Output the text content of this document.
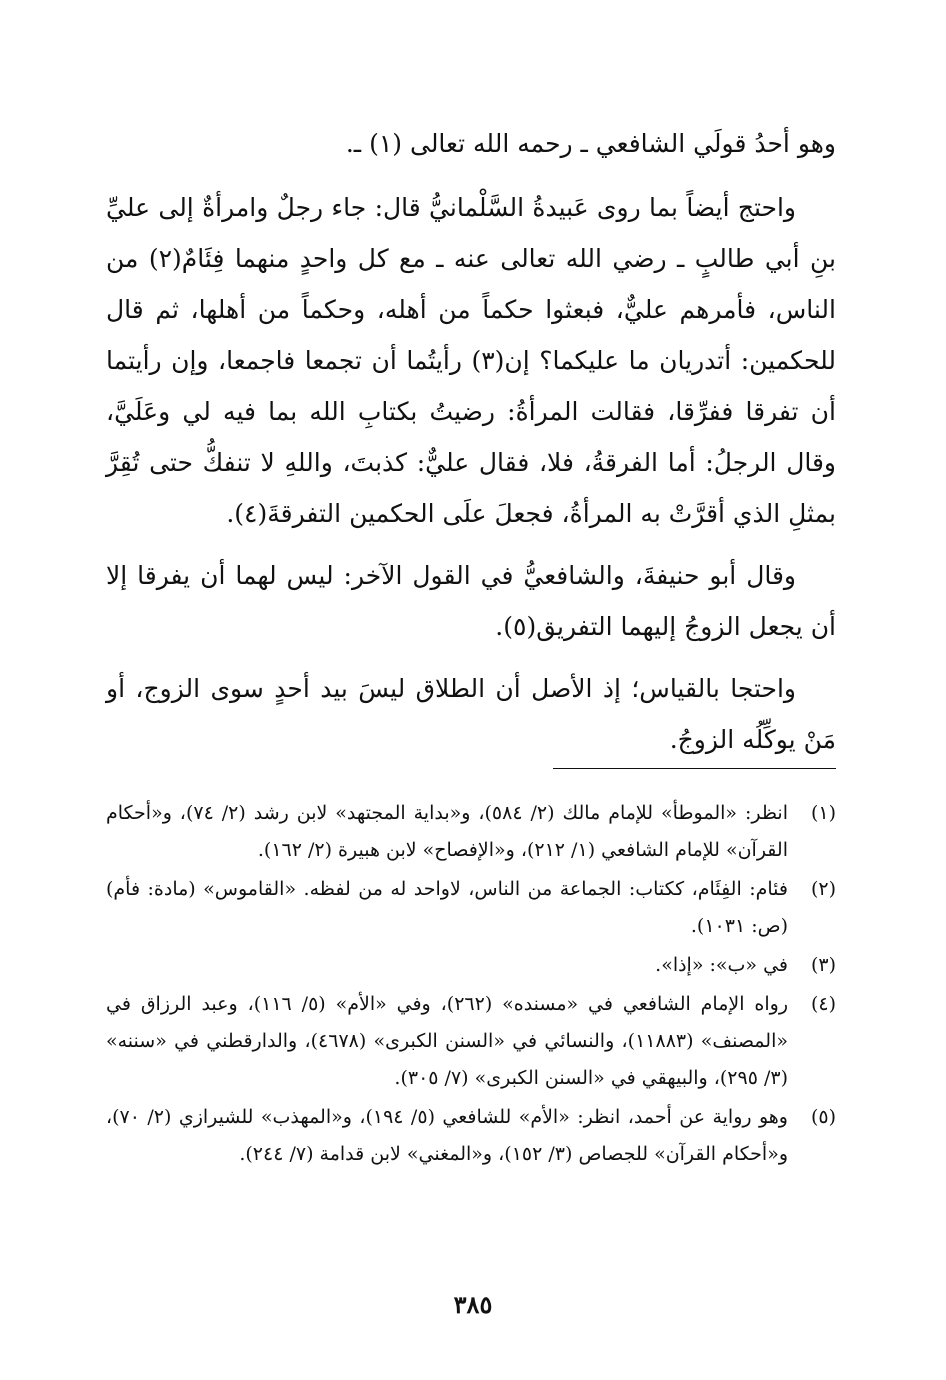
وهو أحدُ قولَي الشافعي ـ رحمه الله تعالى (١) ـ.

واحتج أيضاً بما روى عَبيدةُ السَّلْمانيُّ قال: جاء رجلٌ وامرأةٌ إلى عليِّ بنِ أبي طالبٍ ـ رضي الله تعالى عنه ـ مع كل واحدٍ منهما فِئَامٌ(٢) من الناس، فأمرهم عليٌّ، فبعثوا حكماً من أهله، وحكماً من أهلها، ثم قال للحكمين: أتدريان ما عليكما؟ إن(٣) رأيتُما أن تجمعا فاجمعا، وإن رأيتما أن تفرقا ففرِّقا، فقالت المرأةُ: رضيتُ بكتابِ الله بما فيه لي وعَلَيَّ، وقال الرجلُ: أما الفرقةُ، فلا، فقال عليٌّ: كذبتَ، واللهِ لا تنفكُّ حتى تُقِرَّ بمثلِ الذي أقرَّتْ به المرأةُ، فجعلَ علَى الحكمين التفرقةَ(٤).

وقال أبو حنيفةَ، والشافعيُّ في القول الآخر: ليس لهما أن يفرقا إلا أن يجعل الزوجُ إليهما التفريق(٥).

واحتجا بالقياس؛ إذ الأصل أن الطلاق ليسَ بيد أحدٍ سوى الزوج، أو مَنْ يوكِّلُه الزوجُ.

(١)
انظر: «الموطأ» للإمام مالك (٢/ ٥٨٤)، و«بداية المجتهد» لابن رشد (٢/ ٧٤)، و«أحكام القرآن» للإمام الشافعي (١/ ٢١٢)، و«الإفصاح» لابن هبيرة (٢/ ١٦٢).
(٢)
فئام: الفِئَام، ككتاب: الجماعة من الناس، لاواحد له من لفظه. «القاموس» (مادة: فأم) (ص: ١٠٣١).
(٣)
في «ب»: «إذا».
(٤)
رواه الإمام الشافعي في «مسنده» (٢٦٢)، وفي «الأم» (٥/ ١١٦)، وعبد الرزاق في «المصنف» (١١٨٨٣)، والنسائي في «السنن الكبرى» (٤٦٧٨)، والدارقطني في «سننه» (٣/ ٢٩٥)، والبيهقي في «السنن الكبرى» (٧/ ٣٠٥).
(٥)
وهو رواية عن أحمد، انظر: «الأم» للشافعي (٥/ ١٩٤)، و«المهذب» للشيرازي (٢/ ٧٠)، و«أحكام القرآن» للجصاص (٣/ ١٥٢)، و«المغني» لابن قدامة (٧/ ٢٤٤).
٣٨٥
